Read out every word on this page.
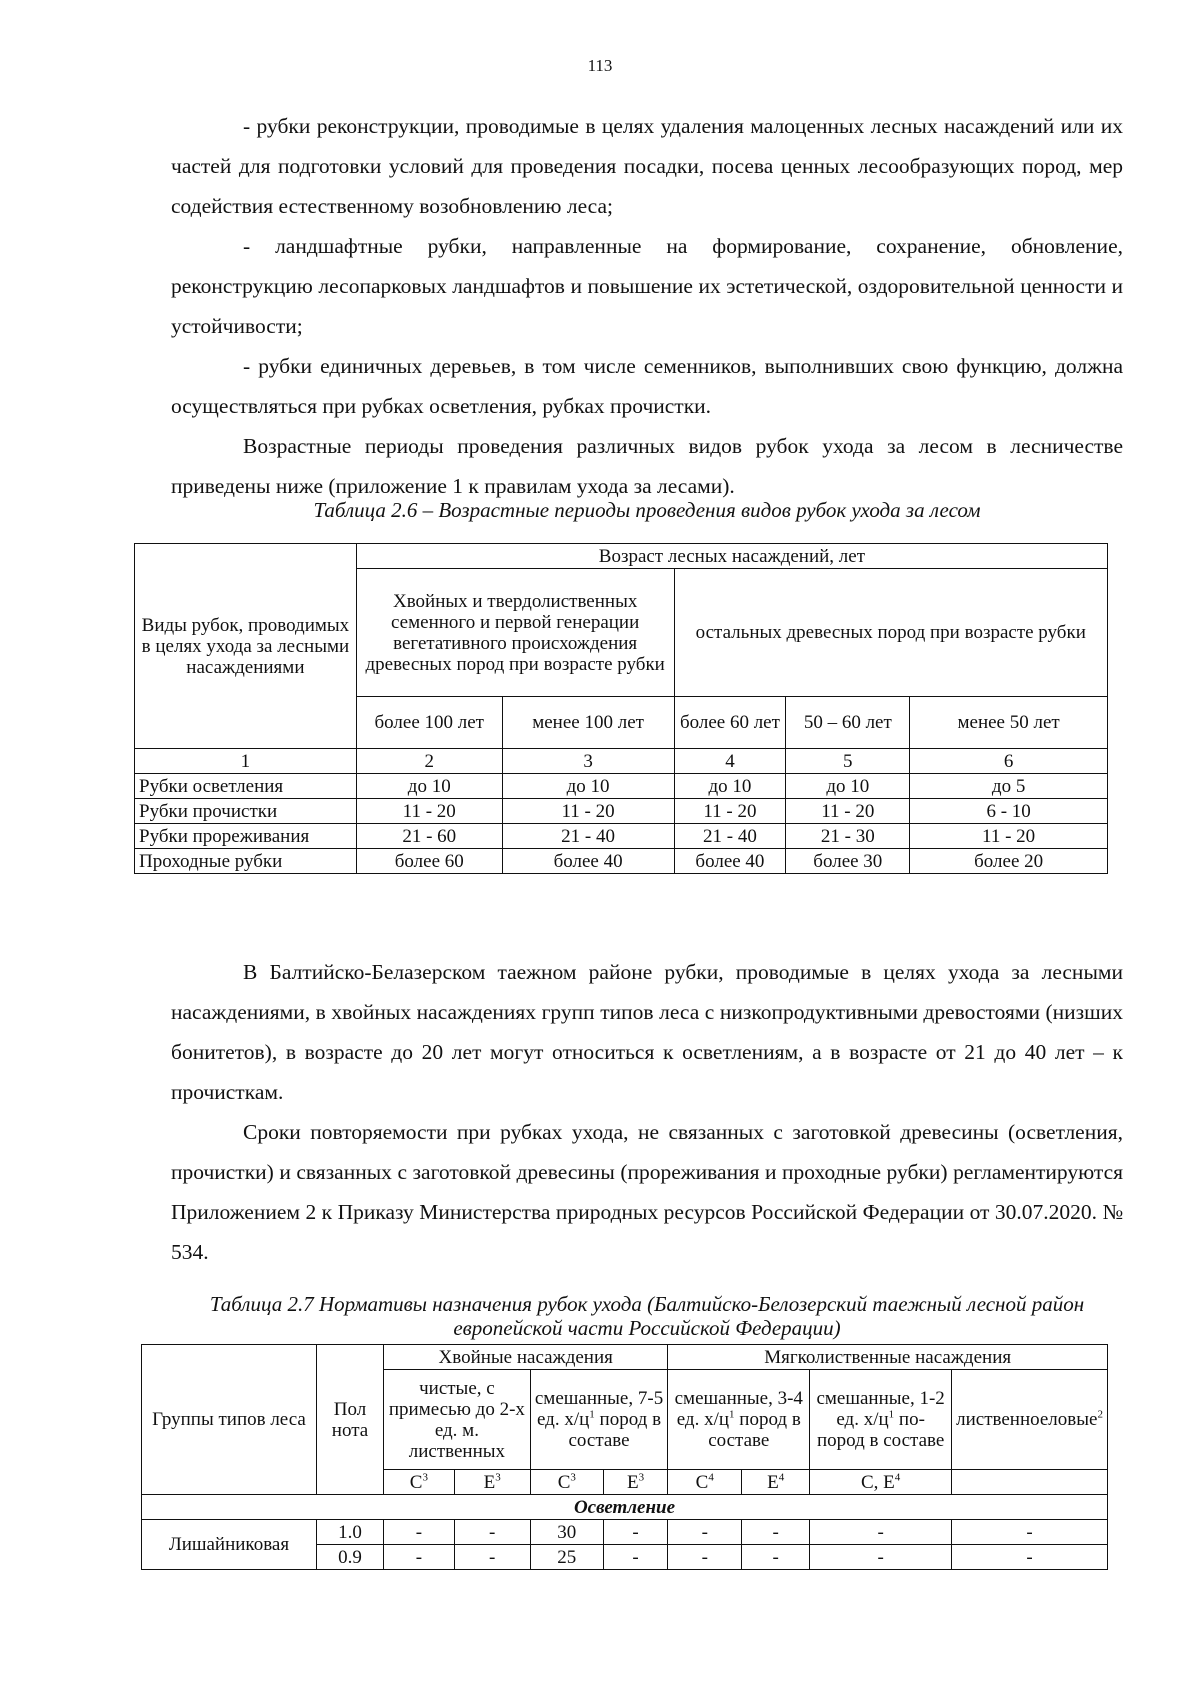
113

- рубки реконструкции, проводимые в целях удаления малоценных лесных насаждений или их частей для подготовки условий для проведения посадки, посева ценных лесообразующих пород, мер содействия естественному возобновлению леса;

- ландшафтные рубки, направленные на формирование, сохранение, обновление, реконструкцию лесопарковых ландшафтов и повышение их эстетической, оздоровительной ценности и устойчивости;

- рубки единичных деревьев, в том числе семенников, выполнивших свою функцию, должна осуществляться при рубках осветления, рубках прочистки.

Возрастные периоды проведения различных видов рубок ухода за лесом в лесничестве приведены ниже (приложение 1 к правилам ухода за лесами).

Таблица 2.6 – Возрастные периоды проведения видов рубок ухода за лесом
Виды рубок, проводимых в целях ухода за лесными насаждениями	Возраст лесных насаждений, лет				
	Хвойных и твердолиственных семенного и первой генерации вегетативного происхождения древесных пород при возрасте рубки		остальных древесных пород при возрасте рубки		
	более 100 лет	менее 100 лет	более 60 лет	50 – 60 лет	менее 50 лет
1	2	3	4	5	6
Рубки осветления	до 10	до 10	до 10	до 10	до 5
Рубки прочистки	11 - 20	11 - 20	11 - 20	11 - 20	6 - 10
Рубки прореживания	21 - 60	21 - 40	21 - 40	21 - 30	11 - 20
Проходные рубки	более 60	более 40	более 40	более 30	более 20

В Балтийско-Белазерском таежном районе рубки, проводимые в целях ухода за лесными насаждениями, в хвойных насаждениях групп типов леса с низкопродуктивными древостоями (низших бонитетов), в возрасте до 20 лет могут относиться к осветлениям, а в возрасте от 21 до 40 лет – к прочисткам.

Сроки повторяемости при рубках ухода, не связанных с заготовкой древесины (осветления, прочистки) и связанных с заготовкой древесины (прореживания и проходные рубки) регламентируются Приложением 2 к Приказу Министерства природных ресурсов Российской Федерации от 30.07.2020. № 534.

Таблица 2.7 Нормативы назначения рубок ухода (Балтийско-Белозерский таежный лесной район европейской части Российской Федерации)
Группы типов леса	Пол нота	Хвойные насаждения				Мягколиственные насаждения			
		чистые, с примесью до 2-х ед. м. лиственных		смешанные, 7-5 ед. $х/ц^1$ пород в составе		смешанные, 3-4 ед. $х/ц^1$ пород в составе		смешанные, 1-2 ед. $х/ц^1$ по- пород в составе	лиственноеловые$^2$
		$С^3$	$Е^3$	$С^3$	$Е^3$	$С^4$	$Е^4$	С, $Е^4$	
Осветление									
Лишайниковая	1.0	-	-	30	-	-	-	-	-
	0.9	-	-	25	-	-	-	-	-
